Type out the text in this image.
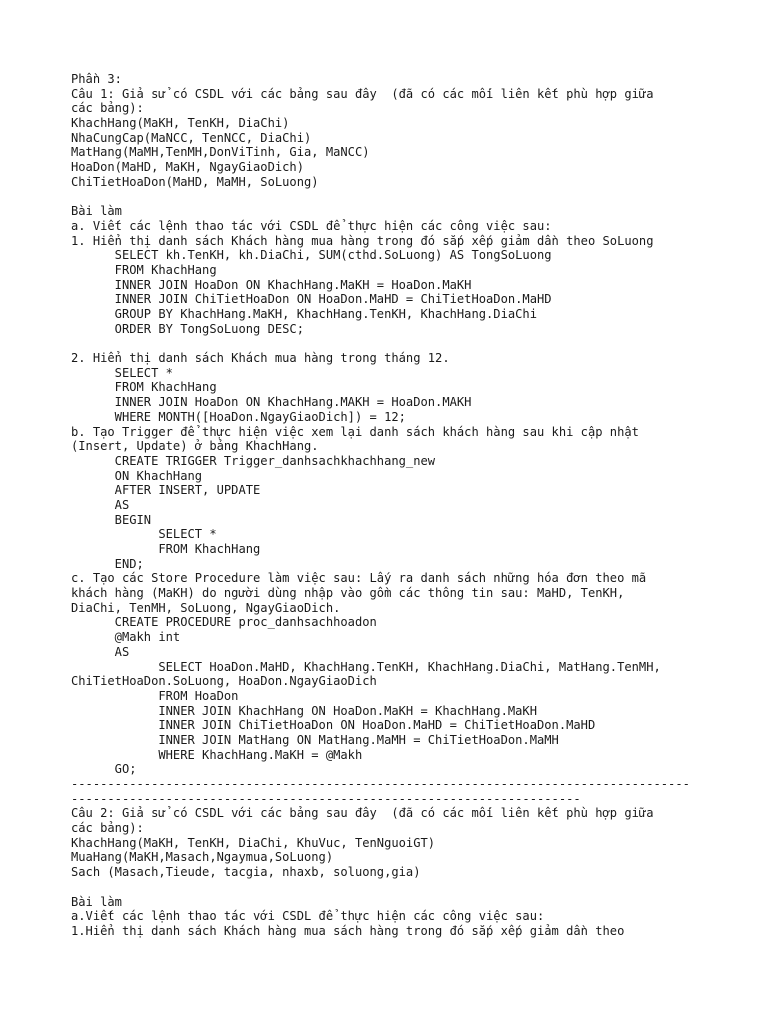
Phần 3:
Câu 1: Giả sử có CSDL với các bảng sau đây  (đã có các mối liên kết phù hợp giữa
các bảng):
KhachHang(MaKH, TenKH, DiaChi)
NhaCungCap(MaNCC, TenNCC, DiaChi)
MatHang(MaMH,TenMH,DonViTinh, Gia, MaNCC)
HoaDon(MaHD, MaKH, NgayGiaoDich)
ChiTietHoaDon(MaHD, MaMH, SoLuong)
Bài làm
a. Viết các lệnh thao tác với CSDL để thực hiện các công việc sau:
1. Hiển thị danh sách Khách hàng mua hàng trong đó sắp xếp giảm dần theo SoLuong
SELECT kh.TenKH, kh.DiaChi, SUM(cthd.SoLuong) AS TongSoLuong
FROM KhachHang
INNER JOIN HoaDon ON KhachHang.MaKH = HoaDon.MaKH
INNER JOIN ChiTietHoaDon ON HoaDon.MaHD = ChiTietHoaDon.MaHD
GROUP BY KhachHang.MaKH, KhachHang.TenKH, KhachHang.DiaChi
ORDER BY TongSoLuong DESC;
2. Hiển thị danh sách Khách mua hàng trong tháng 12.
SELECT *
FROM KhachHang
INNER JOIN HoaDon ON KhachHang.MAKH = HoaDon.MAKH
WHERE MONTH([HoaDon.NgayGiaoDich]) = 12;
b. Tạo Trigger để thực hiện việc xem lại danh sách khách hàng sau khi cập nhật
(Insert, Update) ở bảng KhachHang.
CREATE TRIGGER Trigger_danhsachkhachhang_new
ON KhachHang
AFTER INSERT, UPDATE
AS
BEGIN
SELECT *
FROM KhachHang
END;
c. Tạo các Store Procedure làm việc sau: Lấy ra danh sách những hóa đơn theo mã
khách hàng (MaKH) do người dùng nhập vào gồm các thông tin sau: MaHD, TenKH,
DiaChi, TenMH, SoLuong, NgayGiaoDich.
CREATE PROCEDURE proc_danhsachhoadon
@Makh int
AS
SELECT HoaDon.MaHD, KhachHang.TenKH, KhachHang.DiaChi, MatHang.TenMH,
ChiTietHoaDon.SoLuong, HoaDon.NgayGiaoDich
FROM HoaDon
INNER JOIN KhachHang ON HoaDon.MaKH = KhachHang.MaKH
INNER JOIN ChiTietHoaDon ON HoaDon.MaHD = ChiTietHoaDon.MaHD
INNER JOIN MatHang ON MatHang.MaMH = ChiTietHoaDon.MaMH
WHERE KhachHang.MaKH = @Makh
GO;
-------------------------------------------------------------------------------------
----------------------------------------------------------------------
Câu 2: Giả sử có CSDL với các bảng sau đây  (đã có các mối liên kết phù hợp giữa
các bảng):
KhachHang(MaKH, TenKH, DiaChi, KhuVuc, TenNguoiGT)
MuaHang(MaKH,Masach,Ngaymua,SoLuong)
Sach (Masach,Tieude, tacgia, nhaxb, soluong,gia)
Bài làm
a.Viết các lệnh thao tác với CSDL để thực hiện các công việc sau:
1.Hiển thị danh sách Khách hàng mua sách hàng trong đó sắp xếp giảm dần theo
